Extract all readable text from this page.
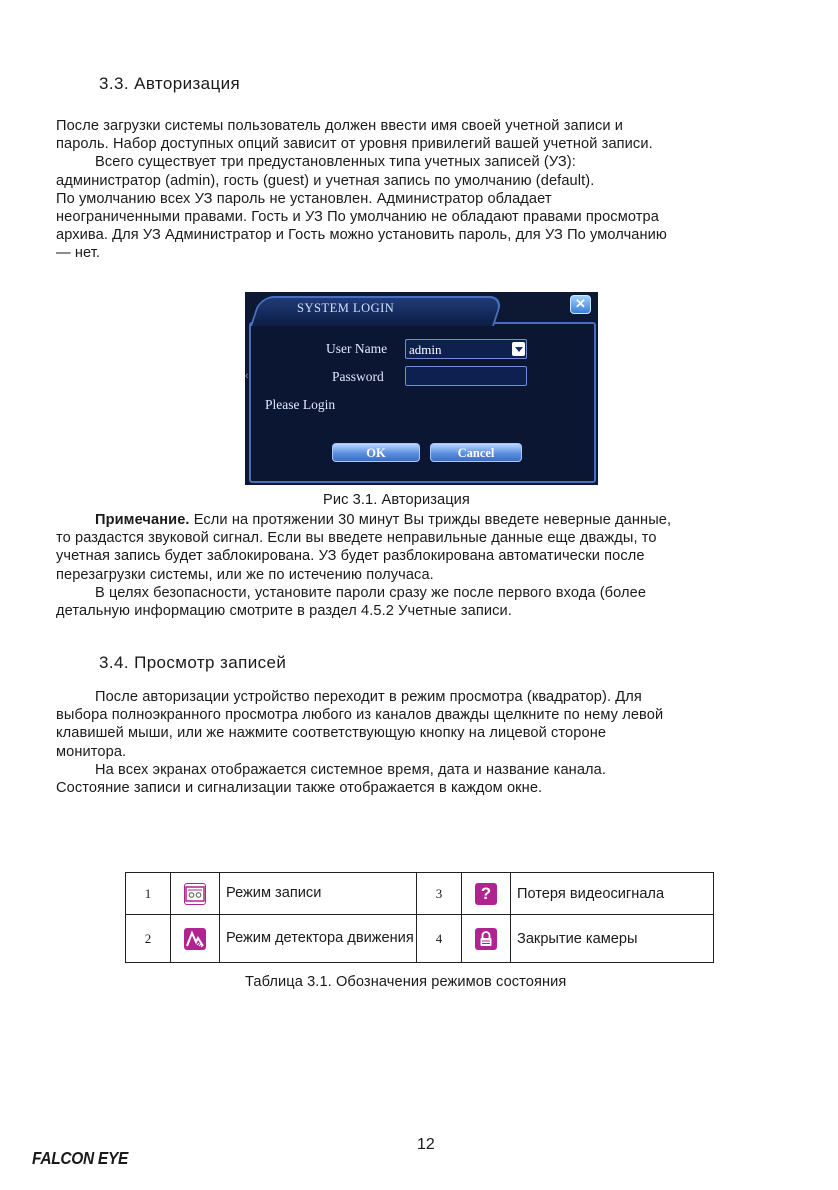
3.3. Авторизация
После загрузки системы пользователь должен ввести имя своей учетной записи и
пароль. Набор доступных опций зависит от уровня привилегий вашей учетной записи.
Всего существует три предустановленных типа учетных записей (УЗ):
администратор (admin), гость (guest) и учетная запись по умолчанию (default).
По умолчанию всех УЗ пароль не установлен. Администратор обладает
неограниченными правами. Гость и УЗ По умолчанию не обладают правами просмотра
архива. Для УЗ Администратор и Гость можно установить пароль, для УЗ По умолчанию
— нет.
SYSTEM LOGIN	✕
‹
User Name	admin
Password
Please Login
OK	Cancel
Рис 3.1. Авторизация
Примечание. Если на протяжении 30 минут Вы трижды введете неверные данные,
то раздастся звуковой сигнал. Если вы введете неправильные данные еще дважды, то
учетная запись будет заблокирована. УЗ будет разблокирована автоматически после
перезагрузки системы, или же по истечению получаса.
В целях безопасности, установите пароли сразу же после первого входа (более
детальную информацию смотрите в раздел 4.5.2 Учетные записи.
3.4. Просмотр записей
После авторизации устройство переходит в режим просмотра (квадратор). Для
выбора полноэкранного просмотра любого из каналов дважды щелкните по нему левой
клавишей мыши, или же нажмите соответствующую кнопку на лицевой стороне
монитора.
На всех экранах отображается системное время, дата и название канала.
Состояние записи и сигнализации также отображается в каждом окне.
1		Режим записи	3	?	Потеря видеосигнала
2		Режим детектора движения	4		Закрытие камеры
Таблица 3.1. Обозначения режимов состояния
12
FALCON EYE
